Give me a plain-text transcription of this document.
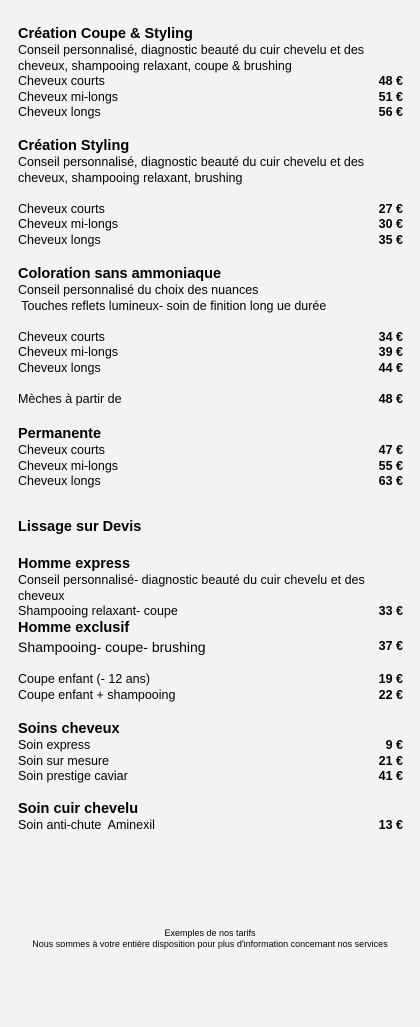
Création Coupe & Styling
Conseil personnalisé, diagnostic beauté du cuir chevelu et des cheveux, shampooing relaxant, coupe & brushing
Cheveux courts	48 €
Cheveux mi-longs	51 €
Cheveux longs	56 €
Création Styling
Conseil personnalisé, diagnostic beauté du cuir chevelu et des cheveux, shampooing relaxant, brushing
Cheveux courts	27 €
Cheveux mi-longs	30 €
Cheveux longs	35 €
Coloration sans ammoniaque
Conseil personnalisé du choix des nuances
Touches reflets lumineux- soin de finition long ue durée
Cheveux courts	34 €
Cheveux mi-longs	39 €
Cheveux longs	44 €
Mèches à partir de	48 €
Permanente
Cheveux courts	47 €
Cheveux mi-longs	55 €
Cheveux longs	63 €
Lissage sur Devis
Homme express
Conseil personnalisé- diagnostic beauté du cuir chevelu et des cheveux
Shampooing relaxant- coupe	33 €
Homme exclusif
Shampooing- coupe- brushing	37 €
Coupe enfant (- 12 ans)	19 €
Coupe enfant + shampooing	22 €
Soins cheveux
Soin express	9 €
Soin sur mesure	21 €
Soin prestige caviar	41 €
Soin cuir chevelu
Soin anti-chute  Aminexil	13 €
Exemples de nos tarifs
Nous sommes à votre entière disposition pour plus d'information concernant nos services
